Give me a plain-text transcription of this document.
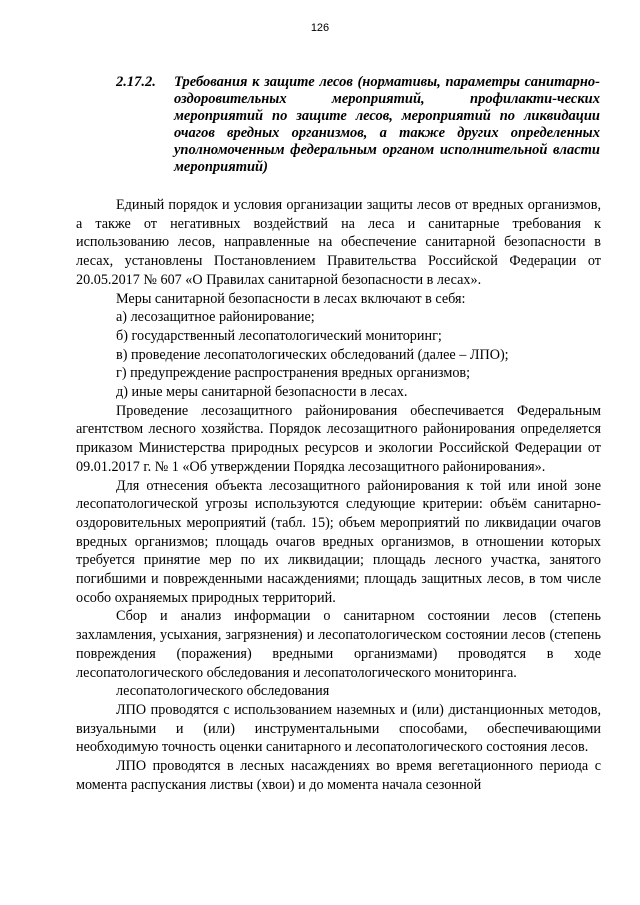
126
2.17.2. Требования к защите лесов (нормативы, параметры санитарно-оздоровительных мероприятий, профилакти-ческих мероприятий по защите лесов, мероприятий по ликвидации очагов вредных организмов, а также других определенных уполномоченным федеральным органом исполнительной власти мероприятий)

Единый порядок и условия организации защиты лесов от вредных организмов, а также от негативных воздействий на леса и санитарные требования к использованию лесов, направленные на обеспечение санитарной безопасности в лесах, установлены Постановлением Правительства Российской Федерации от 20.05.2017 № 607 «О Правилах санитарной безопасности в лесах».

Меры санитарной безопасности в лесах включают в себя:

а) лесозащитное районирование;

б) государственный лесопатологический мониторинг;

в) проведение лесопатологических обследований (далее – ЛПО);

г) предупреждение распространения вредных организмов;

д) иные меры санитарной безопасности в лесах.

Проведение лесозащитного районирования обеспечивается Федеральным агентством лесного хозяйства. Порядок лесозащитного районирования определяется приказом Министерства природных ресурсов и экологии Российской Федерации от 09.01.2017 г. № 1 «Об утверждении Порядка лесозащитного районирования».

Для отнесения объекта лесозащитного районирования к той или иной зоне лесопатологической угрозы используются следующие критерии: объём санитарно-оздоровительных мероприятий (табл. 15); объем мероприятий по ликвидации очагов вредных организмов; площадь очагов вредных организмов, в отношении которых требуется принятие мер по их ликвидации; площадь лесного участка, занятого погибшими и поврежденными насаждениями; площадь защитных лесов, в том числе особо охраняемых природных территорий.

Сбор и анализ информации о санитарном состоянии лесов (степень захламления, усыхания, загрязнения) и лесопатологическом состоянии лесов (степень повреждения (поражения) вредными организмами) проводятся в ходе лесопатологического обследования и лесопатологического мониторинга.

лесопатологического обследования

ЛПО проводятся с использованием наземных и (или) дистанционных методов, визуальными и (или) инструментальными способами, обеспечивающими необходимую точность оценки санитарного и лесопатологического состояния лесов.

ЛПО проводятся в лесных насаждениях во время вегетационного периода с момента распускания листвы (хвои) и до момента начала сезонной
